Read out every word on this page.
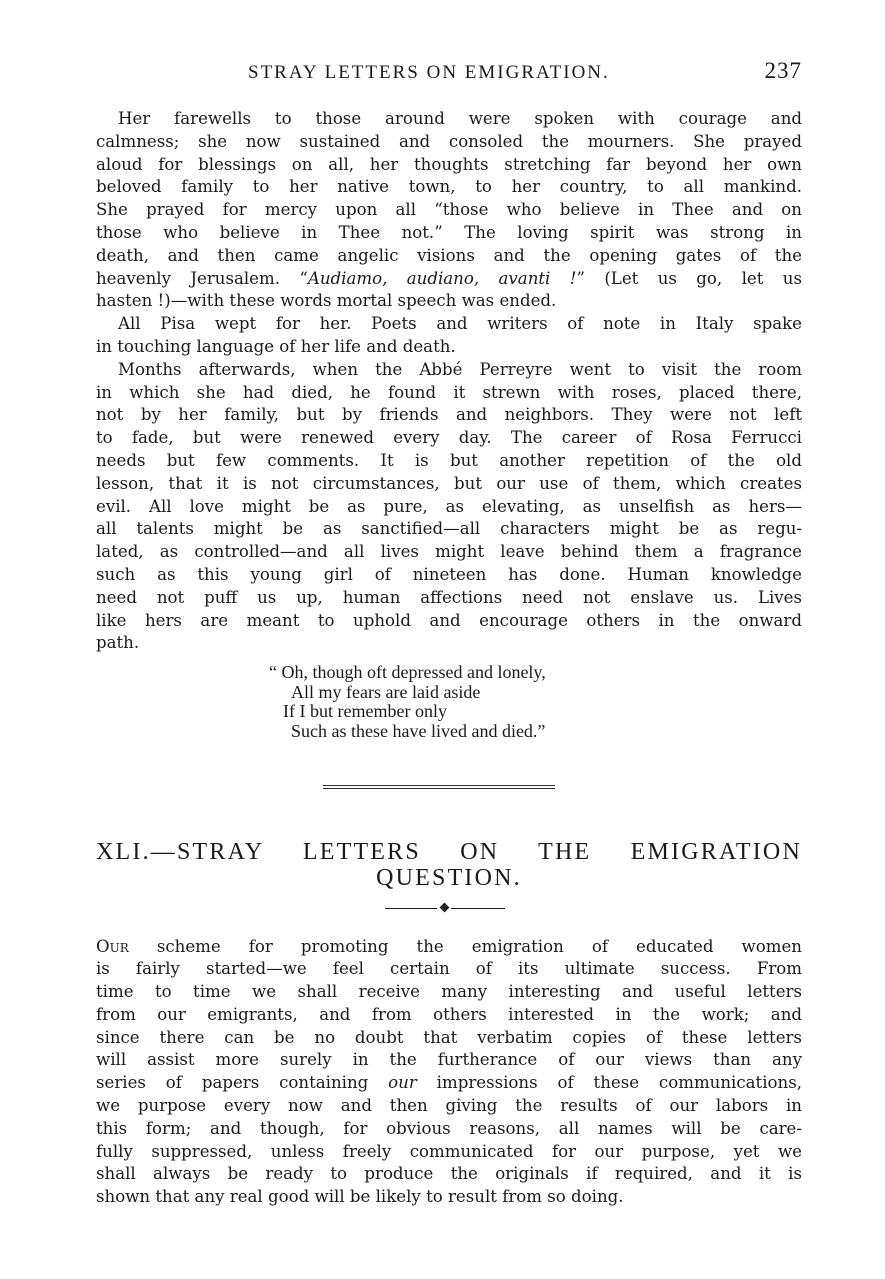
STRAY LETTERS ON EMIGRATION.	237
Her farewells to those around were spoken with courage and
calmness; she now sustained and consoled the mourners. She prayed
aloud for blessings on all, her thoughts stretching far beyond her own
beloved family to her native town, to her country, to all mankind.
She prayed for mercy upon all “those who believe in Thee and on
those who believe in Thee not.” The loving spirit was strong in
death, and then came angelic visions and the opening gates of the
heavenly Jerusalem. “Audiamo, audiano, avanti !” (Let us go, let us
hasten !)—with these words mortal speech was ended.
All Pisa wept for her. Poets and writers of note in Italy spake
in touching language of her life and death.
Months afterwards, when the Abbé Perreyre went to visit the room
in which she had died, he found it strewn with roses, placed there,
not by her family, but by friends and neighbors. They were not left
to fade, but were renewed every day. The career of Rosa Ferrucci
needs but few comments. It is but another repetition of the old
lesson, that it is not circumstances, but our use of them, which creates
evil. All love might be as pure, as elevating, as unselfish as hers—
all talents might be as sanctified—all characters might be as regu-
lated, as controlled—and all lives might leave behind them a fragrance
such as this young girl of nineteen has done. Human knowledge
need not puff us up, human affections need not enslave us. Lives
like hers are meant to uphold and encourage others in the onward
path.
“ Oh, though oft depressed and lonely,
All my fears are laid aside
If I but remember only
Such as these have lived and died.”
XLI.—STRAY LETTERS ON THE EMIGRATION
QUESTION.
Our scheme for promoting the emigration of educated women
is fairly started—we feel certain of its ultimate success. From
time to time we shall receive many interesting and useful letters
from our emigrants, and from others interested in the work; and
since there can be no doubt that verbatim copies of these letters
will assist more surely in the furtherance of our views than any
series of papers containing our impressions of these communications,
we purpose every now and then giving the results of our labors in
this form; and though, for obvious reasons, all names will be care-
fully suppressed, unless freely communicated for our purpose, yet we
shall always be ready to produce the originals if required, and it is
shown that any real good will be likely to result from so doing.
